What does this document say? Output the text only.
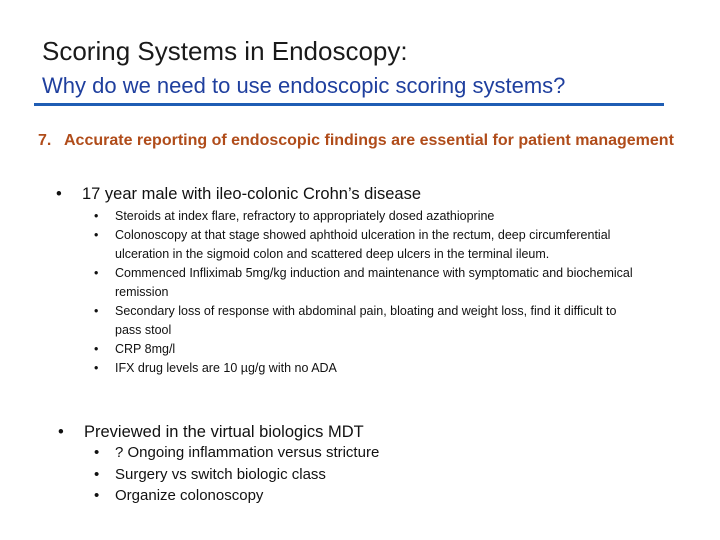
Scoring Systems in Endoscopy:
Why do we need to use endoscopic scoring systems?
7. Accurate reporting of endoscopic findings are essential for patient management
• 17 year male with ileo-colonic Crohn’s disease
• Steroids at index flare, refractory to appropriately dosed azathioprine
• Colonoscopy at that stage showed aphthoid ulceration in the rectum, deep circumferential ulceration in the sigmoid colon and scattered deep ulcers in the terminal ileum.
• Commenced Infliximab 5mg/kg induction and maintenance with symptomatic and biochemical remission
• Secondary loss of response with abdominal pain, bloating and weight loss, find it difficult to pass stool
• CRP 8mg/l
• IFX drug levels are 10 µg/g with no ADA
• Previewed in the virtual biologics MDT
• ? Ongoing inflammation versus stricture
• Surgery vs switch biologic class
• Organize colonoscopy
